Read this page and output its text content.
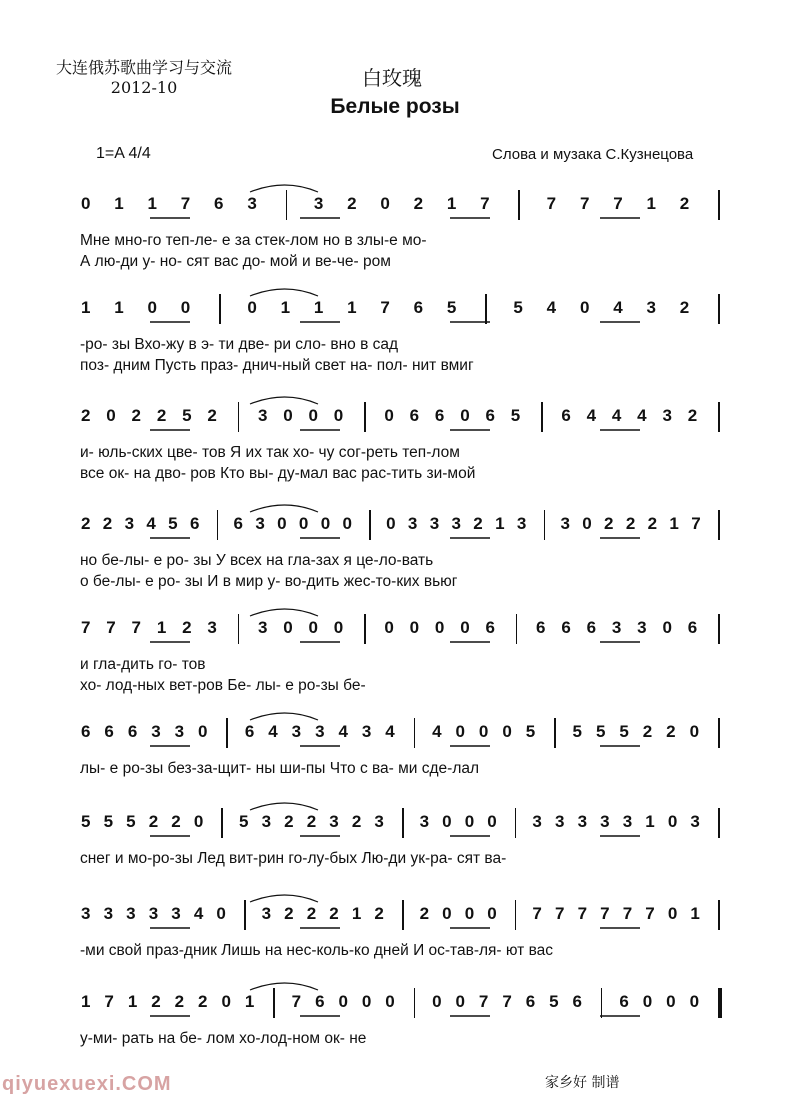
大连俄苏歌曲学习与交流
2012-10	白玫瑰
Белые розы
1=A 4/4	Слова и музака С.Кузнецова
0 1 1 7 6 3	3 2 0 2 1 7	7 7 7 1 2
Мне мно-го теп-ле- е за стек-лом но в злы-е мо-
А лю-ди у- но- сят вас до- мой и ве-че- ром
1 1 0 0	0 1 1 1 7 6 5	5 4 0 4 3 2
-ро- зы Вхо-жу в э- ти две- ри сло- вно в сад
поз- дним Пусть праз- днич-ный свет на- пол- нит вмиг
2 0 2 2 5 2 3 0 0 0 0 6 6 0 6 5 6 4 4 4 3 2
и- юль-ских цве- тов Я их так хо- чу сог-реть теп-лом
все ок- на дво- ров Кто вы- ду-мал вас рас-тить зи-мой
2 2 3 4 5 6 6 3 0 0 0 0 0 3 3 3 2 1 3 3 0 2 2 2 1 7
но бе-лы- е ро- зы У всех на гла-зах я це-ло-вать
о бе-лы- е ро- зы И в мир у- во-дить жес-то-ких вьюг
7 7 7 1 2 3 3 0 0 0 0 0 0 0 6 6 6 6 3 3 0 6
и гла-дить го- тов
хо- лод-ных вет-ров Бе- лы- е ро-зы бе-
6 6 6 3 3 0 6 4 3 3 4 3 4 4 0 0 0 5 5 5 5 2 2 0
лы- е ро-зы без-за-щит- ны ши-пы Что с ва- ми сде-лал
5 5 5 2 2 0 5 3 2 2 3 2 3 3 0 0 0 3 3 3 3 3 1 0 3
снег и мо-ро-зы Лед вит-рин го-лу-бых Лю-ди ук-ра- сят ва-
3 3 3 3 3 4 0 3 2 2 2 1 2 2 0 0 0 7 7 7 7 7 7 0 1
-ми свой праз-дник Лишь на нес-коль-ко дней И ос-тав-ля- ют вас
1 7 1 2 2 2 0 1 7 6 0 0 0 0 0 7 7 6 5 6 6 0 0 0
у-ми- рать на бе- лом хо-лод-ном ок- не
家乡好 制谱
qiyuexuexi.COM
